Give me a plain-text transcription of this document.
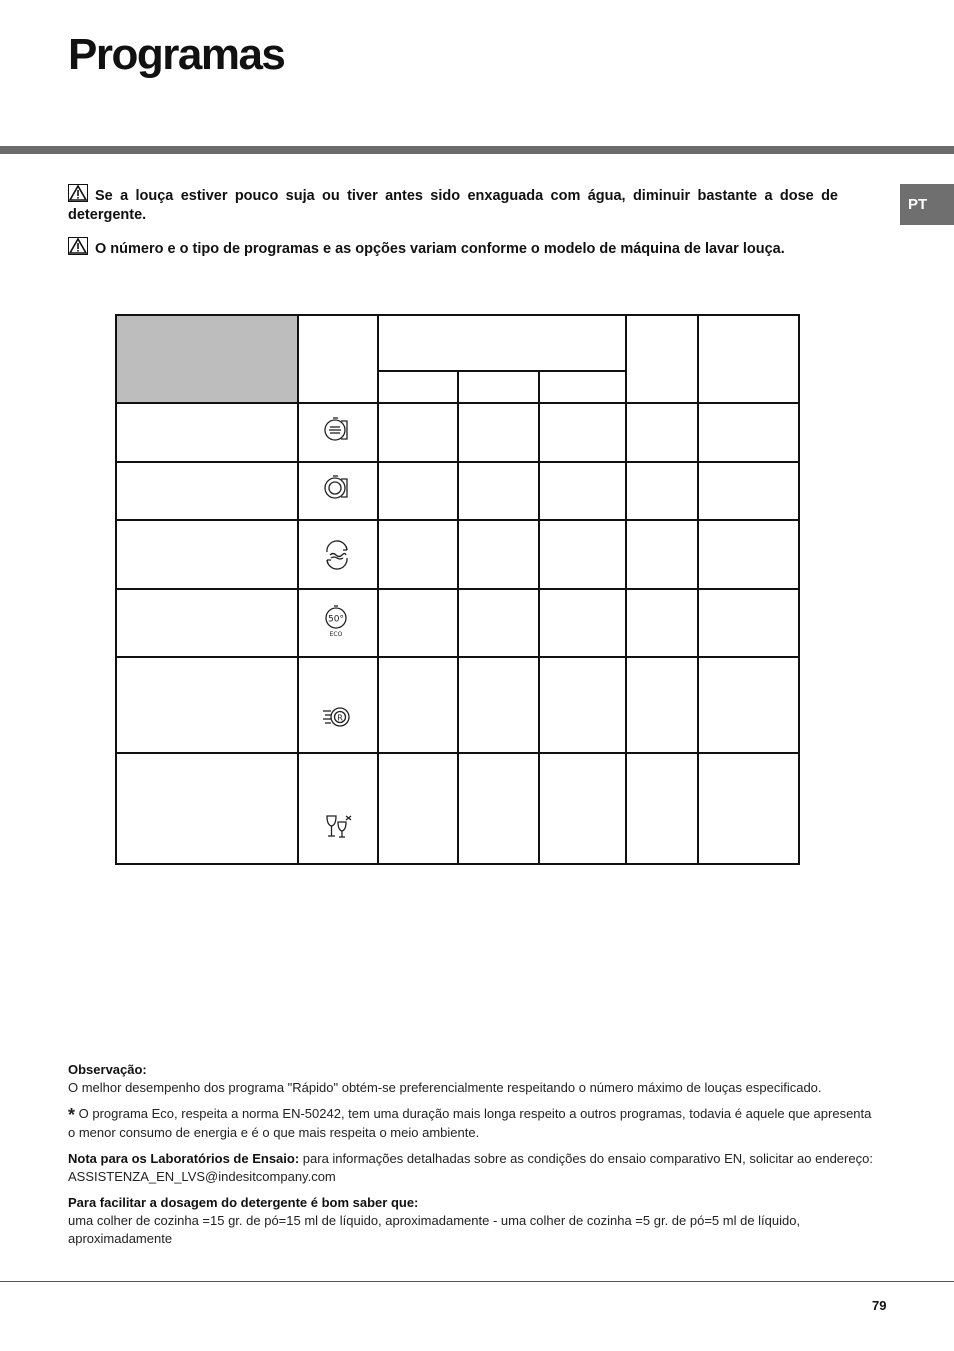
Programas
PT
Se a louça estiver pouco suja ou tiver antes sido enxaguada com água, diminuir bastante a dose de detergente.
O número e o tipo de programas e as opções variam conforme o modelo de máquina de lavar louça.
50°
ECO
R

Observação:
O melhor desempenho dos programa "Rápido" obtém-se preferencialmente respeitando o número máximo de louças especificado.

* O programa Eco, respeita a norma EN-50242, tem uma duração mais longa respeito a outros programas, todavia é aquele que apresenta o menor consumo de energia e é o que mais respeita o meio ambiente.

Nota para os Laboratórios de Ensaio: para informações detalhadas sobre as condições do ensaio comparativo EN, solicitar ao endereço: ASSISTENZA_EN_LVS@indesitcompany.com

Para facilitar a dosagem do detergente é bom saber que:
uma colher de cozinha =15 gr. de pó=15 ml de líquido, aproximadamente - uma colher de cozinha =5 gr. de pó=5 ml de líquido, aproximadamente

79
